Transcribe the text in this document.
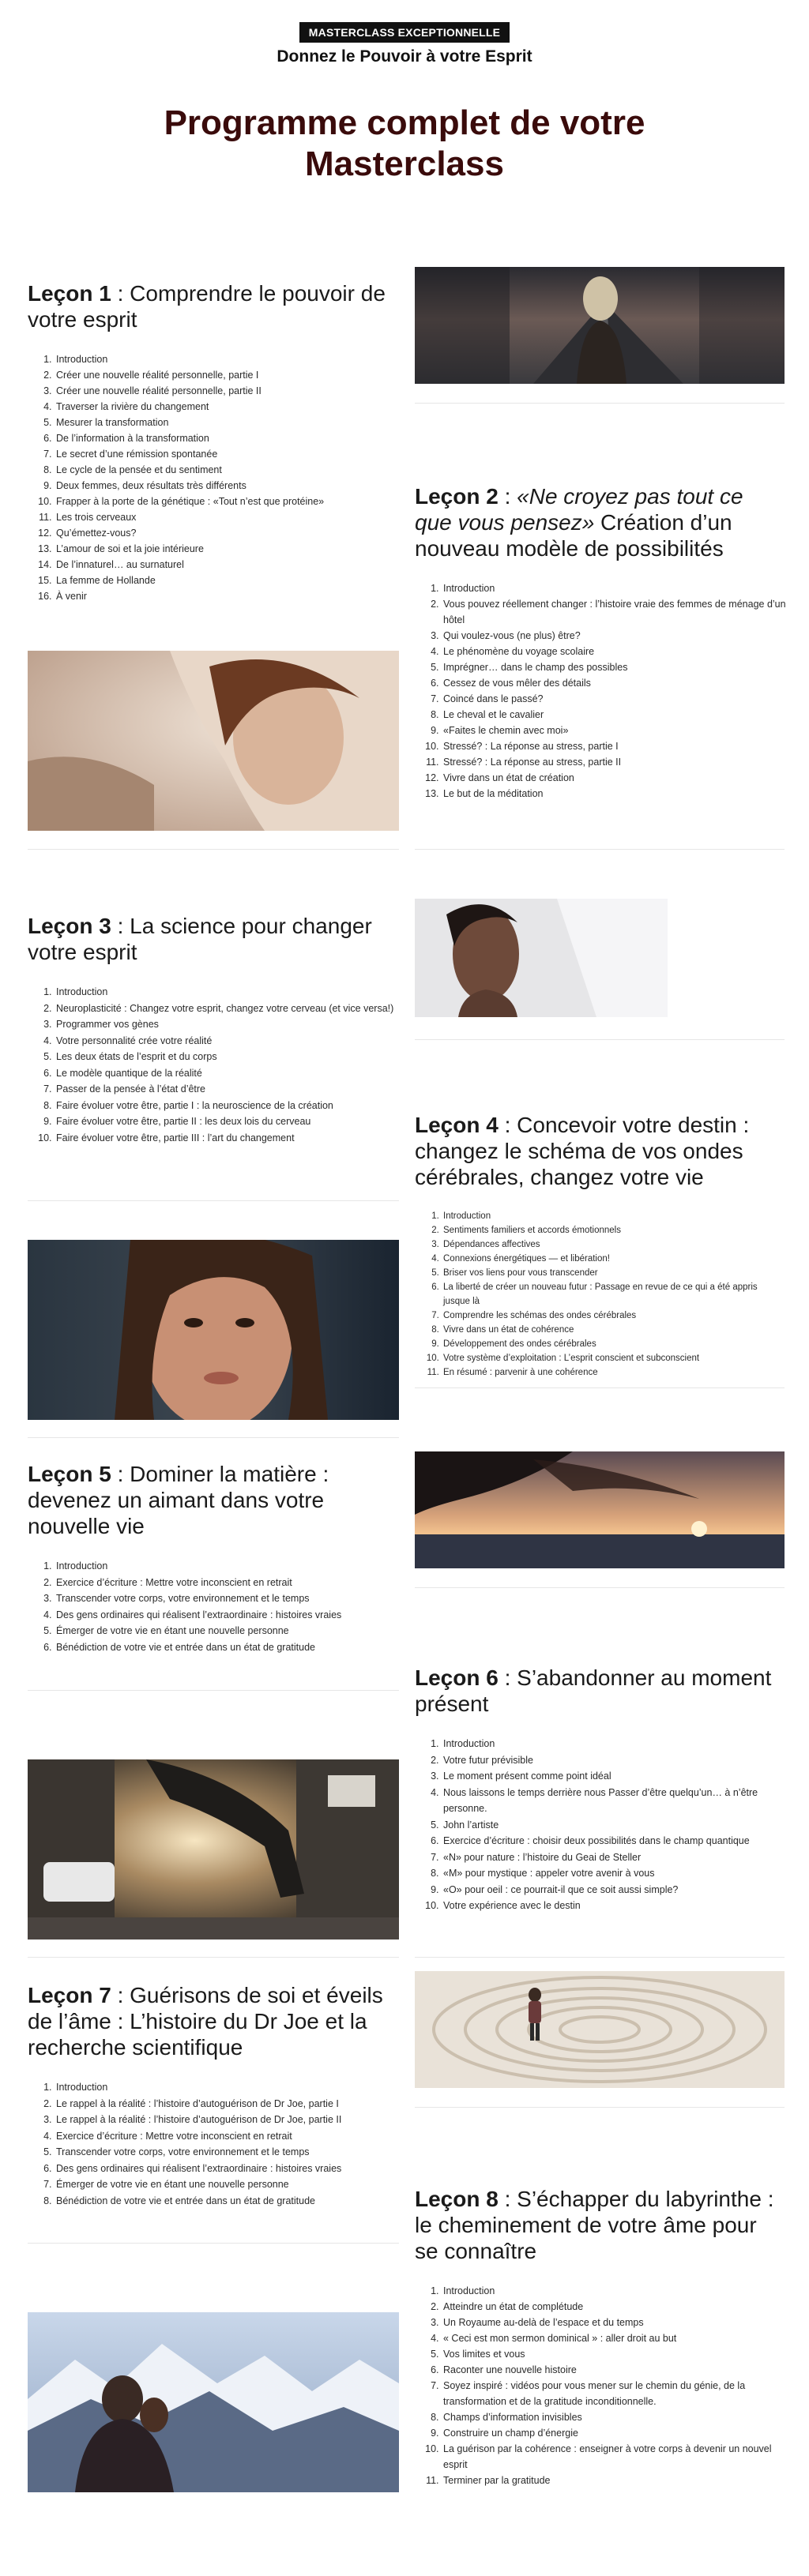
MASTERCLASS EXCEPTIONNELLE
Donnez le Pouvoir à votre Esprit
Programme complet de votre
Masterclass
Leçon 1 : Comprendre le pouvoir de votre esprit
1. Introduction
2. Créer une nouvelle réalité personnelle, partie I
3. Créer une nouvelle réalité personnelle, partie II
4. Traverser la rivière du changement
5. Mesurer la transformation
6. De l’information à la transformation
7. Le secret d’une rémission spontanée
8. Le cycle de la pensée et du sentiment
9. Deux femmes, deux résultats très différents
10. Frapper à la porte de la génétique : «Tout n’est que protéine»
11. Les trois cerveaux
12. Qu’émettez-vous?
13. L’amour de soi et la joie intérieure
14. De l’innaturel… au surnaturel
15. La femme de Hollande
16. À venir
Leçon 2 : «Ne croyez pas tout ce que vous pensez» Création d’un nouveau modèle de possibilités
1. Introduction
2. Vous pouvez réellement changer : l’histoire vraie des femmes de ménage d’un hôtel
3. Qui voulez-vous (ne plus) être?
4. Le phénomène du voyage scolaire
5. Imprégner… dans le champ des possibles
6. Cessez de vous mêler des détails
7. Coincé dans le passé?
8. Le cheval et le cavalier
9. «Faites le chemin avec moi»
10. Stressé? : La réponse au stress, partie I
11. Stressé? : La réponse au stress, partie II
12. Vivre dans un état de création
13. Le but de la méditation
Leçon 3 : La science pour changer votre esprit
1. Introduction
2. Neuroplasticité : Changez votre esprit, changez votre cerveau (et vice versa!)
3. Programmer vos gènes
4. Votre personnalité crée votre réalité
5. Les deux états de l’esprit et du corps
6. Le modèle quantique de la réalité
7. Passer de la pensée à l’état d’être
8. Faire évoluer votre être, partie I : la neuroscience de la création
9. Faire évoluer votre être, partie II : les deux lois du cerveau
10. Faire évoluer votre être, partie III : l’art du changement
Leçon 4 : Concevoir votre destin : changez le schéma de vos ondes cérébrales, changez votre vie
1. Introduction
2. Sentiments familiers et accords émotionnels
3. Dépendances affectives
4. Connexions énergétiques — et libération!
5. Briser vos liens pour vous transcender
6. La liberté de créer un nouveau futur : Passage en revue de ce qui a été appris jusque là
7. Comprendre les schémas des ondes cérébrales
8. Vivre dans un état de cohérence
9. Développement des ondes cérébrales
10. Votre système d’exploitation : L’esprit conscient et subconscient
11. En résumé : parvenir à une cohérence
Leçon 5 : Dominer la matière : devenez un aimant dans votre nouvelle vie
1. Introduction
2. Exercice d’écriture : Mettre votre inconscient en retrait
3. Transcender votre corps, votre environnement et le temps
4. Des gens ordinaires qui réalisent l’extraordinaire : histoires vraies
5. Émerger de votre vie en étant une nouvelle personne
6. Bénédiction de votre vie et entrée dans un état de gratitude
Leçon 6 : S’abandonner au moment présent
1. Introduction
2. Votre futur prévisible
3. Le moment présent comme point idéal
4. Nous laissons le temps derrière nous Passer d’être quelqu’un… à n’être personne.
5. John l’artiste
6. Exercice d’écriture : choisir deux possibilités dans le champ quantique
7. «N» pour nature : l’histoire du Geai de Steller
8. «M» pour mystique : appeler votre avenir à vous
9. «O» pour oeil : ce pourrait-il que ce soit aussi simple?
10. Votre expérience avec le destin
Leçon 7 : Guérisons de soi et éveils de l’âme : L’histoire du Dr Joe et la recherche scientifique
1. Introduction
2. Le rappel à la réalité : l’histoire d’autoguérison de Dr Joe, partie I
3. Le rappel à la réalité : l’histoire d’autoguérison de Dr Joe, partie II
4. Exercice d’écriture : Mettre votre inconscient en retrait
5. Transcender votre corps, votre environnement et le temps
6. Des gens ordinaires qui réalisent l’extraordinaire : histoires vraies
7. Émerger de votre vie en étant une nouvelle personne
8. Bénédiction de votre vie et entrée dans un état de gratitude	Leçon 8 : S’échapper du labyrinthe : le cheminement de votre âme pour se connaître
1. Introduction
2. Atteindre un état de complétude
3. Un Royaume au-delà de l’espace et du temps
4. « Ceci est mon sermon dominical » : aller droit au but
5. Vos limites et vous
6. Raconter une nouvelle histoire
7. Soyez inspiré : vidéos pour vous mener sur le chemin du génie, de la transformation et de la gratitude inconditionnelle.
8. Champs d’information invisibles
9. Construire un champ d’énergie
10. La guérison par la cohérence : enseigner à votre corps à devenir un nouvel esprit
11. Terminer par la gratitude
